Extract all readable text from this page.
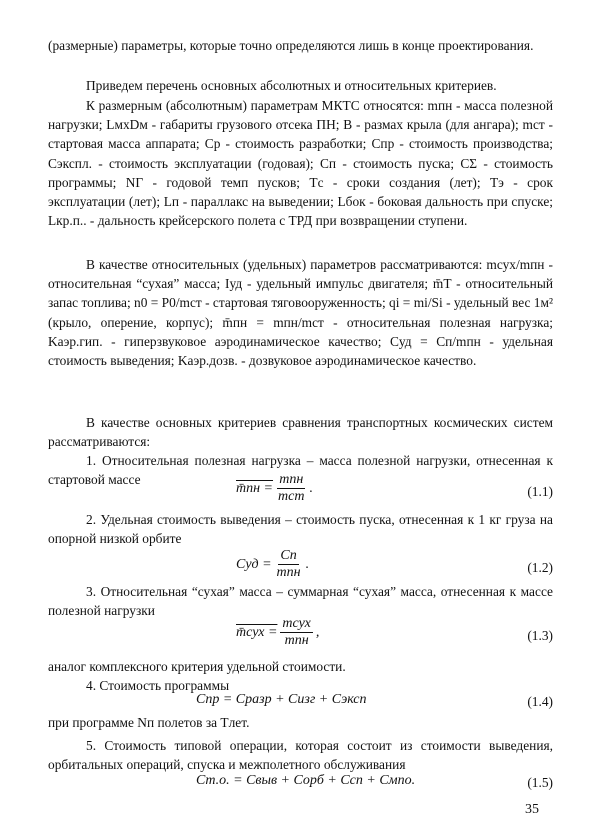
(размерные) параметры, которые точно определяются лишь в конце проектирования.

Приведем перечень основных абсолютных и относительных критериев.

К размерным (абсолютным) параметрам МКТС относятся: mпн - масса полезной нагрузки; LмxDм - габариты грузового отсека ПН; B - размах крыла (для ангара); mст - стартовая масса аппарата; Cр - стоимость разработки; Cпр - стоимость производства; Cэкспл. - стоимость эксплуатации (годовая); Cп - стоимость пуска; CΣ - стоимость программы; NГ - годовой темп пусков; Tс - сроки создания (лет); Tэ - срок эксплуатации (лет); Lп - параллакс на выведении; Lбок - боковая дальность при спуске; Lкр.п.. - дальность крейсерского полета с ТРД при возвращении ступени.

В качестве относительных (удельных) параметров рассматриваются: mсух/mпн - относительная “сухая” масса; Iуд - удельный импульс двигателя; m̄T - относительный запас топлива; n0 = P0/mст - стартовая тяговооруженность; qi = mi/Si - удельный вес 1м² (крыло, оперение, корпус); m̄пн = mпн/mст - относительная полезная нагрузка; Kаэр.гип. - гиперзвуковое аэродинамическое качество; Cуд = Cп/mпн - удельная стоимость выведения; Kаэр.дозв. - дозвуковое аэродинамическое качество.

В качестве основных критериев сравнения транспортных космических систем рассматриваются:

1. Относительная полезная нагрузка – масса полезной нагрузки, отнесенная к стартовой массе

m̄пн = $\frac{\text{mпн}}{\text{mст}}$ .	(1.1)

2. Удельная стоимость выведения – стоимость пуска, отнесенная к 1 кг груза на опорной низкой орбите

Cуд = $\frac{Cп}{\text{mпн}}$ .	(1.2)

3. Относительная “сухая” масса – суммарная “сухая” масса, отнесенная к массе полезной нагрузки

m̄сух = $\frac{\text{mсух}}{\text{mпн}}$ ,	(1.3)

аналог комплексного критерия удельной стоимости.

4. Стоимость программы

Cпр = Cразр + Cизг + Cэксп	(1.4)

при программе Nп полетов за Tлет.

5. Стоимость типовой операции, которая состоит из стоимости выведения, орбитальных операций, спуска и межполетного обслуживания

Cт.о. = Cвыв + Cорб + Cсп + Cмпо.	(1.5)
35
